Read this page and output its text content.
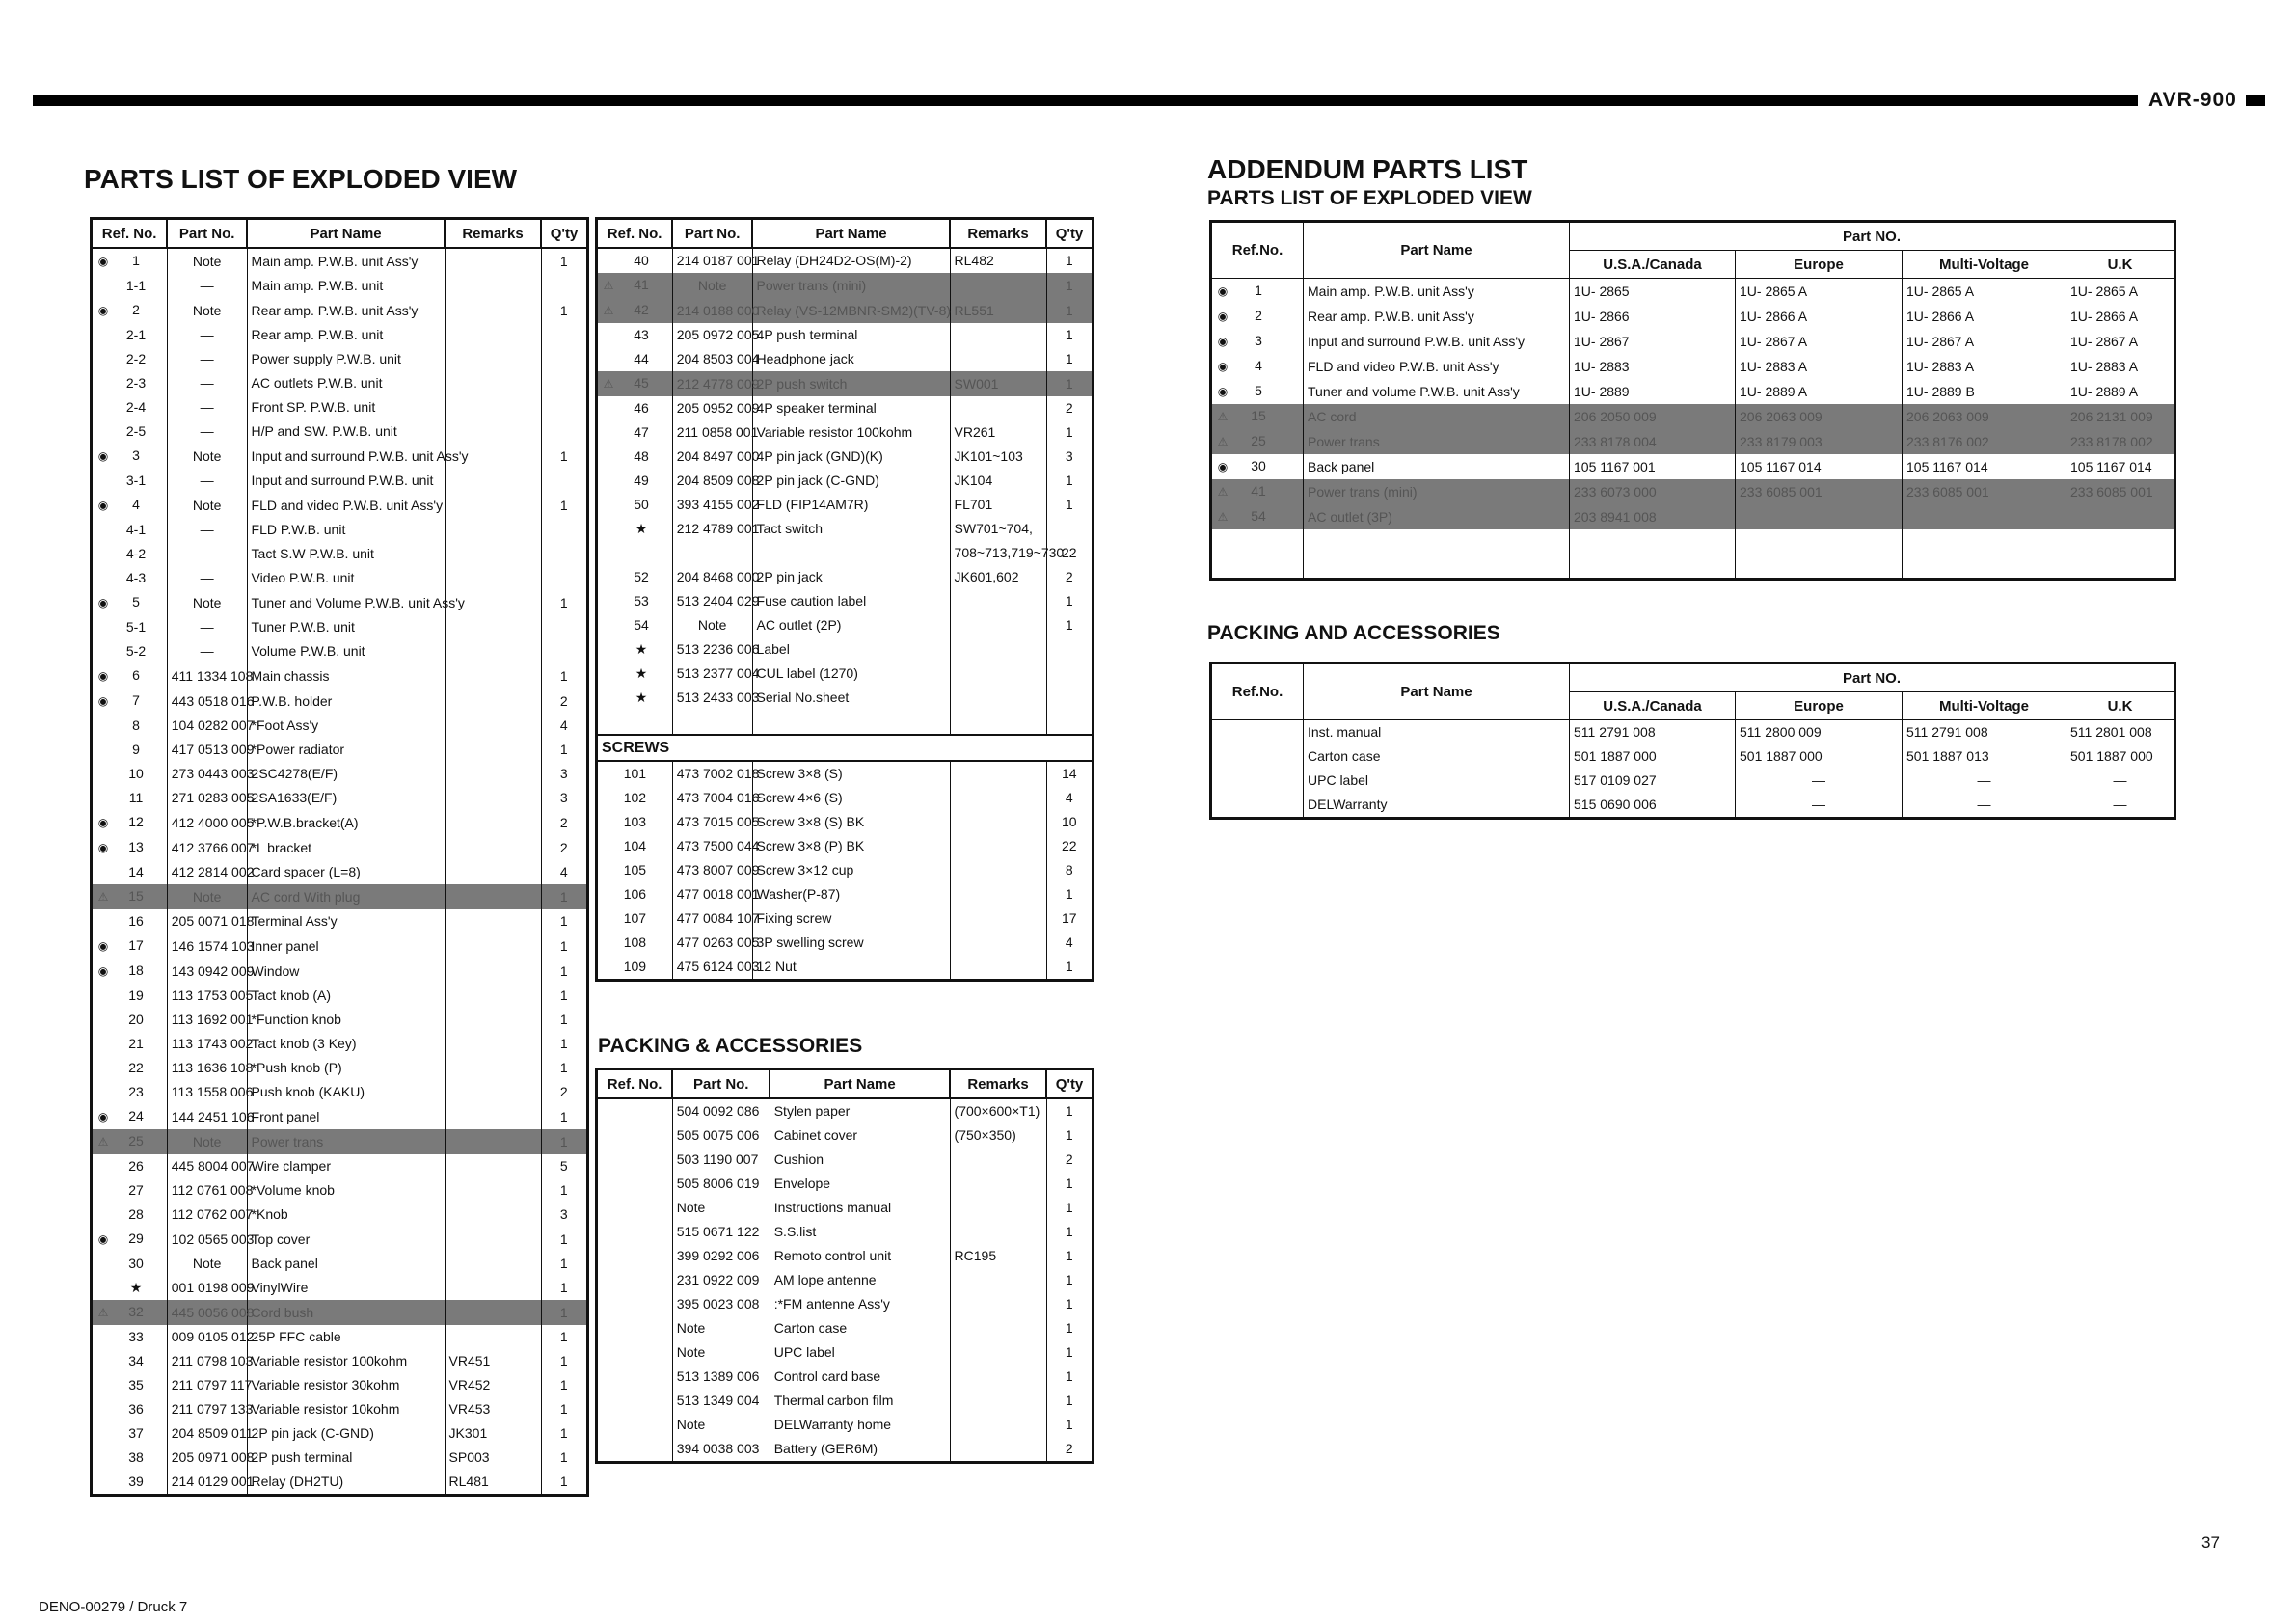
AVR-900
PARTS LIST OF EXPLODED VIEW
Ref. No.	Part No.	Part Name	Remarks	Q'ty
◉ 1	Note	Main amp. P.W.B. unit Ass'y		1
1-1	—	Main amp. P.W.B. unit		
◉ 2	Note	Rear amp. P.W.B. unit Ass'y		1
2-1	—	Rear amp. P.W.B. unit		
2-2	—	Power supply P.W.B. unit		
2-3	—	AC outlets P.W.B. unit		
2-4	—	Front SP. P.W.B. unit		
2-5	—	H/P and SW. P.W.B. unit		
◉ 3	Note	Input and surround P.W.B. unit Ass'y		1
3-1	—	Input and surround P.W.B. unit		
◉ 4	Note	FLD and video P.W.B. unit Ass'y		1
4-1	—	FLD P.W.B. unit		
4-2	—	Tact S.W P.W.B. unit		
4-3	—	Video P.W.B. unit		
◉ 5	Note	Tuner and Volume P.W.B. unit Ass'y		1
5-1	—	Tuner P.W.B. unit		
5-2	—	Volume P.W.B. unit		
◉ 6	411 1334 108	Main chassis		1
◉ 7	443 0518 016	P.W.B. holder		2
8	104 0282 007	*Foot Ass'y		4
9	417 0513 009	*Power radiator		1
10	273 0443 003	2SC4278(E/F)		3
11	271 0283 005	2SA1633(E/F)		3
◉ 12	412 4000 005	*P.W.B.bracket(A)		2
◉ 13	412 3766 007	*L bracket		2
14	412 2814 002	Card spacer (L=8)		4
⚠ 15	Note	AC cord With plug		1
16	205 0071 018	Terminal Ass'y		1
◉ 17	146 1574 103	Inner panel		1
◉ 18	143 0942 009	Window		1
19	113 1753 005	Tact knob (A)		1
20	113 1692 001	*Function knob		1
21	113 1743 002	Tact knob (3 Key)		1
22	113 1636 108	*Push knob (P)		1
23	113 1558 006	Push knob (KAKU)		2
◉ 24	144 2451 106	Front panel		1
⚠ 25	Note	Power trans		1
26	445 8004 007	Wire clamper		5
27	112 0761 008	*Volume knob		1
28	112 0762 007	*Knob		3
◉ 29	102 0565 003	Top cover		1
30	Note	Back panel		1
★	001 0198 009	VinylWire		1
⚠ 32	445 0056 008	Cord bush		1
33	009 0105 012	25P FFC cable		1
34	211 0798 103	Variable resistor 100kohm	VR451	1
35	211 0797 117	Variable resistor 30kohm	VR452	1
36	211 0797 133	Variable resistor 10kohm	VR453	1
37	204 8509 011	2P pin jack (C-GND)	JK301	1
38	205 0971 008	2P push terminal	SP003	1
39	214 0129 001	Relay (DH2TU)	RL481	1
Ref. No.	Part No.	Part Name	Remarks	Q'ty
40	214 0187 001	Relay (DH24D2-OS(M)-2)	RL482	1
⚠ 41	Note	Power trans (mini)		1
⚠ 42	214 0188 000	Relay (VS-12MBNR-SM2)(TV-8)	RL551	1
43	205 0972 005	4P push terminal		1
44	204 8503 004	Headphone jack		1
⚠ 45	212 4778 009	2P push switch	SW001	1
46	205 0952 009	4P speaker terminal		2
47	211 0858 001	Variable resistor 100kohm	VR261	1
48	204 8497 000	4P pin jack (GND)(K)	JK101~103	3
49	204 8509 008	2P pin jack (C-GND)	JK104	1
50	393 4155 002	FLD (FIP14AM7R)	FL701	1
★	212 4789 001	Tact switch	SW701~704,	
			708~713,719~730	22
52	204 8468 000	2P pin jack	JK601,602	2
53	513 2404 029	Fuse caution label		1
54	Note	AC outlet (2P)		1
★	513 2236 006	Label		
★	513 2377 004	CUL label (1270)		
★	513 2433 003	Serial No.sheet		

SCREWS				
101	473 7002 018	Screw 3×8 (S)		14
102	473 7004 016	Screw 4×6 (S)		4
103	473 7015 005	Screw 3×8 (S) BK		10
104	473 7500 044	Screw 3×8 (P) BK		22
105	473 8007 009	Screw 3×12 cup		8
106	477 0018 001	Washer(P-87)		1
107	477 0084 107	Fixing screw		17
108	477 0263 005	3P swelling screw		4
109	475 6124 003	12 Nut		1
PACKING & ACCESSORIES
Ref. No.	Part No.	Part Name	Remarks	Q'ty
	504 0092 086	Stylen paper	(700×600×T1)	1
	505 0075 006	Cabinet cover	(750×350)	1
	503 1190 007	Cushion		2
	505 8006 019	Envelope		1
	Note	Instructions manual		1
	515 0671 122	S.S.list		1
	399 0292 006	Remoto control unit	RC195	1
	231 0922 009	AM lope antenne		1
	395 0023 008	:*FM antenne Ass'y		1
	Note	Carton case		1
	Note	UPC label		1
	513 1389 006	Control card base		1
	513 1349 004	Thermal carbon film		1
	Note	DELWarranty home		1
	394 0038 003	Battery (GER6M)		2
ADDENDUM PARTS LIST
PARTS LIST OF EXPLODED VIEW
Ref.No.	Part Name	Part NO.			
		U.S.A./Canada	Europe	Multi-Voltage	U.K
◉ 1	Main amp. P.W.B. unit Ass'y	1U- 2865	1U- 2865 A	1U- 2865 A	1U- 2865 A
◉ 2	Rear amp. P.W.B. unit Ass'y	1U- 2866	1U- 2866 A	1U- 2866 A	1U- 2866 A
◉ 3	Input and surround P.W.B. unit Ass'y	1U- 2867	1U- 2867 A	1U- 2867 A	1U- 2867 A
◉ 4	FLD and video P.W.B. unit Ass'y	1U- 2883	1U- 2883 A	1U- 2883 A	1U- 2883 A
◉ 5	Tuner and volume P.W.B. unit Ass'y	1U- 2889	1U- 2889 A	1U- 2889 B	1U- 2889 A
⚠ 15	AC cord	206 2050 009	206 2063 009	206 2063 009	206 2131 009
⚠ 25	Power trans	233 8178 004	233 8179 003	233 8176 002	233 8178 002
◉ 30	Back panel	105 1167 001	105 1167 014	105 1167 014	105 1167 014
⚠ 41	Power trans (mini)	233 6073 000	233 6085 001	233 6085 001	233 6085 001
⚠ 54	AC outlet (3P)	203 8941 008			

PACKING AND ACCESSORIES
Ref.No.	Part Name	Part NO.			
		U.S.A./Canada	Europe	Multi-Voltage	U.K
	Inst. manual	511 2791 008	511 2800 009	511 2791 008	511 2801 008
	Carton case	501 1887 000	501 1887 000	501 1887 013	501 1887 000
	UPC label	517 0109 027	—	—	—
	DELWarranty	515 0690 006	—	—	—
37
DENO-00279 / Druck 7
